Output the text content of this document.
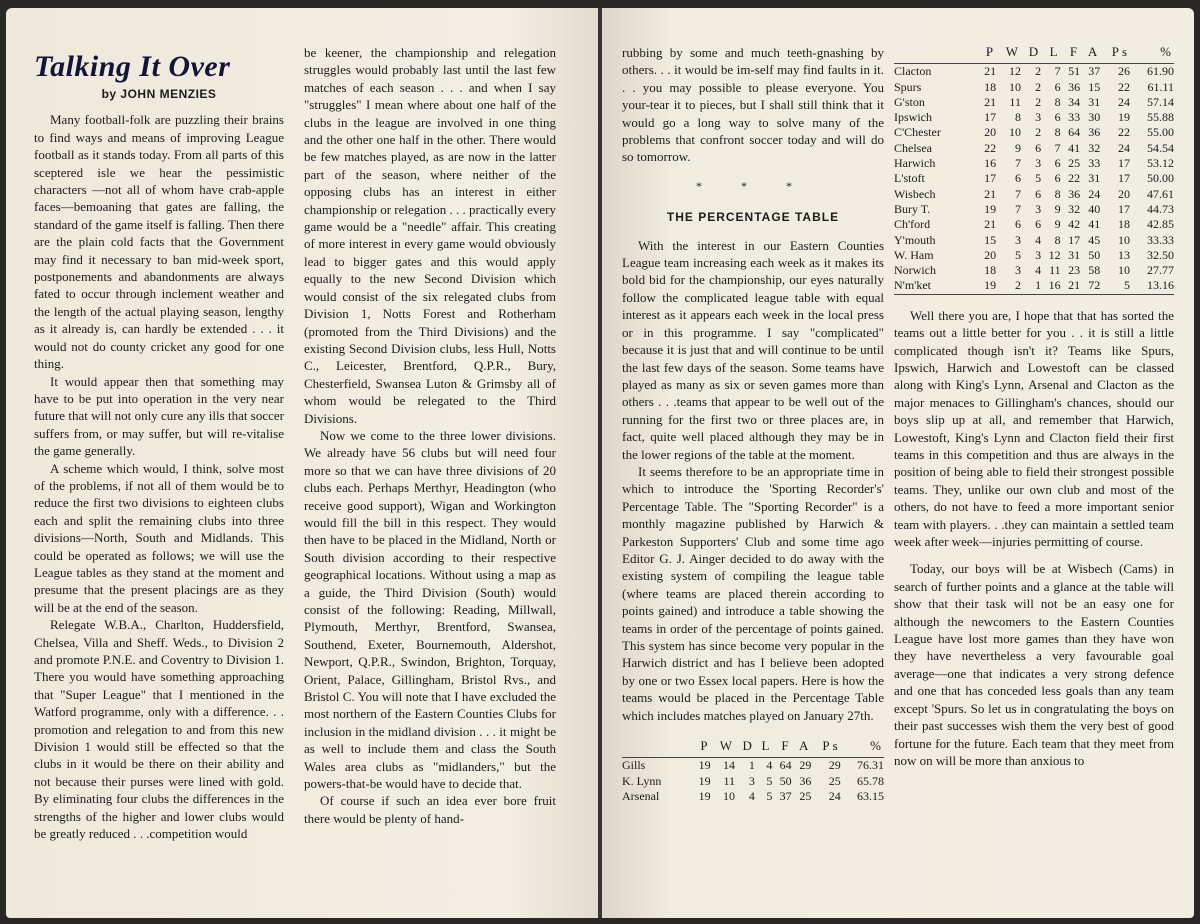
Talking It Over
by JOHN MENZIES

Many football-folk are puzzling their brains to find ways and means of improving League football as it stands today. From all parts of this sceptered isle we hear the pessimistic characters —not all of whom have crab-apple faces—bemoaning that gates are falling, the standard of the game itself is falling. Then there are the plain cold facts that the Government may find it necessary to ban mid-week sport, postponements and abandonments are always fated to occur through inclement weather and the length of the actual playing season, lengthy as it already is, can hardly be extended . . . it would not do county cricket any good for one thing.

It would appear then that something may have to be put into operation in the very near future that will not only cure any ills that soccer suffers from, or may suffer, but will re-vitalise the game generally.

A scheme which would, I think, solve most of the problems, if not all of them would be to reduce the first two divisions to eighteen clubs each and split the remaining clubs into three divisions—North, South and Midlands. This could be operated as follows; we will use the League tables as they stand at the moment and presume that the present placings are as they will be at the end of the season.

Relegate W.B.A., Charlton, Huddersfield, Chelsea, Villa and Sheff. Weds., to Division 2 and promote P.N.E. and Coventry to Division 1. There you would have something approaching that "Super League" that I mentioned in the Watford programme, only with a difference. . . promotion and relegation to and from this new Division 1 would still be effected so that the clubs in it would be there on their ability and not because their purses were lined with gold. By eliminating four clubs the differences in the strengths of the higher and lower clubs would be greatly reduced . . .competition would

be keener, the championship and relegation struggles would probably last until the last few matches of each season . . . and when I say "struggles" I mean where about one half of the clubs in the league are involved in one thing and the other one half in the other. There would be few matches played, as are now in the latter part of the season, where neither of the opposing clubs has an interest in either championship or relegation . . . practically every game would be a "needle" affair. This creating of more interest in every game would obviously lead to bigger gates and this would apply equally to the new Second Division which would consist of the six relegated clubs from Division 1, Notts Forest and Rotherham (promoted from the Third Divisions) and the existing Second Division clubs, less Hull, Notts C., Leicester, Brentford, Q.P.R., Bury, Chesterfield, Swansea Luton & Grimsby all of whom would be relegated to the Third Divisions.

Now we come to the three lower divisions. We already have 56 clubs but will need four more so that we can have three divisions of 20 clubs each. Perhaps Merthyr, Headington (who receive good support), Wigan and Workington would fill the bill in this respect. They would then have to be placed in the Midland, North or South division according to their respective geographical locations. Without using a map as a guide, the Third Division (South) would consist of the following: Reading, Millwall, Plymouth, Merthyr, Brentford, Swansea, Southend, Exeter, Bournemouth, Aldershot, Newport, Q.P.R., Swindon, Brighton, Torquay, Orient, Palace, Gillingham, Bristol Rvs., and Bristol C. You will note that I have excluded the most northern of the Eastern Counties Clubs for inclusion in the midland division . . . it might be as well to include them and class the South Wales area clubs as "midlanders," but the powers-that-be would have to decide that.

Of course if such an idea ever bore fruit there would be plenty of hand-

rubbing by some and much teeth-gnashing by others. . . it would be im-self may find faults in it. . . you may possible to please everyone. You your-tear it to pieces, but I shall still think that it would go a long way to solve many of the problems that confront soccer today and will do so tomorrow.

* * *
THE PERCENTAGE TABLE

With the interest in our Eastern Counties League team increasing each week as it makes its bold bid for the championship, our eyes naturally follow the complicated league table with equal interest as it appears each week in the local press or in this programme. I say "complicated" because it is just that and will continue to be until the last few days of the season. Some teams have played as many as six or seven games more than others . . .teams that appear to be well out of the running for the first two or three places are, in fact, quite well placed although they may be in the lower regions of the table at the moment.

It seems therefore to be an appropriate time in which to introduce the 'Sporting Recorder's' Percentage Table. The "Sporting Recorder" is a monthly magazine published by Harwich & Parkeston Supporters' Club and some time ago Editor G. J. Ainger decided to do away with the existing system of compiling the league table (where teams are placed therein according to points gained) and introduce a table showing the teams in order of the percentage of points gained. This system has since become very popular in the Harwich district and has I believe been adopted by one or two Essex local papers. Here is how the teams would be placed in the Percentage Table which includes matches played on January 27th.

	P	W	D	L	F	A	Ps	%
Gills	19	14	1	4	64	29	29	76.31
K. Lynn	19	11	3	5	50	36	25	65.78
Arsenal	19	10	4	5	37	25	24	63.15
	P	W	D	L	F	A	Ps	%
Clacton	21	12	2	7	51	37	26	61.90
Spurs	18	10	2	6	36	15	22	61.11
G'ston	21	11	2	8	34	31	24	57.14
Ipswich	17	8	3	6	33	30	19	55.88
C'Chester	20	10	2	8	64	36	22	55.00
Chelsea	22	9	6	7	41	32	24	54.54
Harwich	16	7	3	6	25	33	17	53.12
L'stoft	17	6	5	6	22	31	17	50.00
Wisbech	21	7	6	8	36	24	20	47.61
Bury T.	19	7	3	9	32	40	17	44.73
Ch'ford	21	6	6	9	42	41	18	42.85
Y'mouth	15	3	4	8	17	45	10	33.33
W. Ham	20	5	3	12	31	50	13	32.50
Norwich	18	3	4	11	23	58	10	27.77
N'm'ket	19	2	1	16	21	72	5	13.16

Well there you are, I hope that that has sorted the teams out a little better for you . . it is still a little complicated though isn't it? Teams like Spurs, Ipswich, Harwich and Lowestoft can be classed along with King's Lynn, Arsenal and Clacton as the major menaces to Gillingham's chances, should our boys slip up at all, and remember that Harwich, Lowestoft, King's Lynn and Clacton field their first teams in this competition and thus are always in the position of being able to field their strongest possible teams. They, unlike our own club and most of the others, do not have to feed a more important senior team with players. . .they can maintain a settled team week after week—injuries permitting of course.

Today, our boys will be at Wisbech (Cams) in search of further points and a glance at the table will show that their task will not be an easy one for although the newcomers to the Eastern Counties League have lost more games than they have won they have nevertheless a very favourable goal average—one that indicates a very strong defence and one that has conceded less goals than any team except 'Spurs. So let us in congratulating the boys on their past successes wish them the very best of good fortune for the future. Each team that they meet from now on will be more than anxious to
